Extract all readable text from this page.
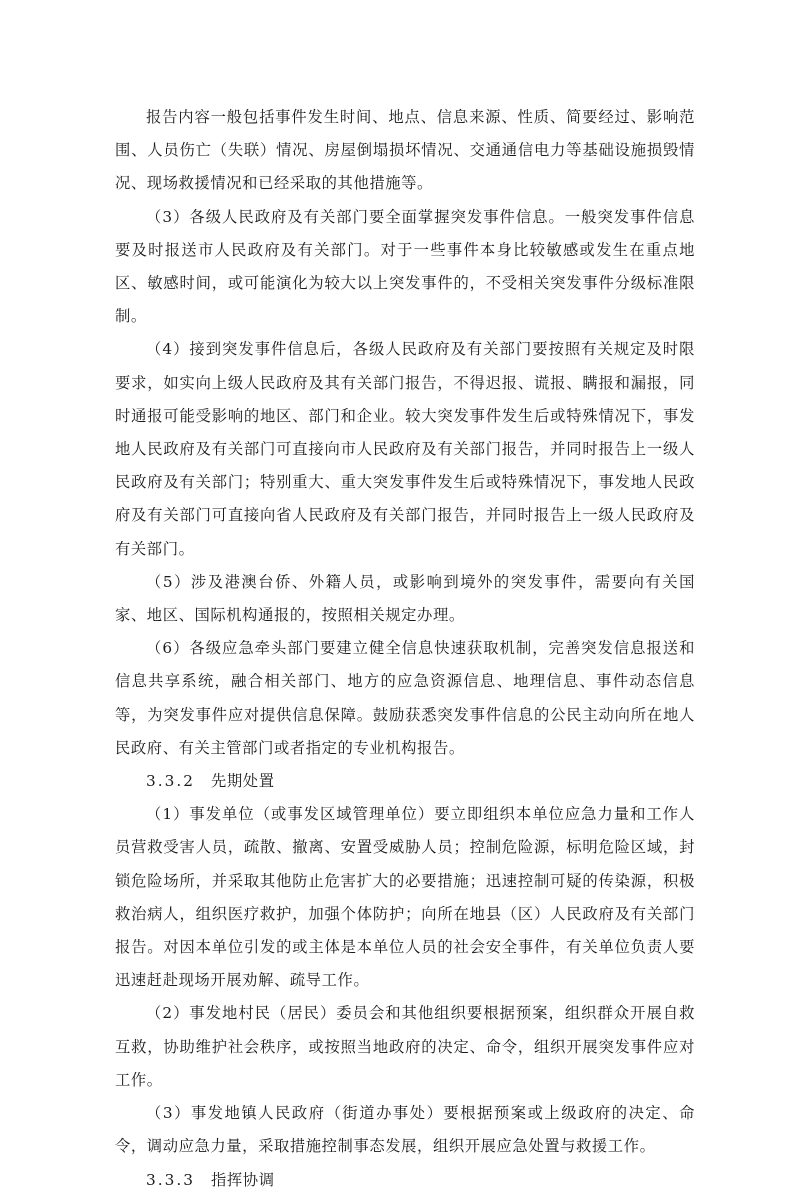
报告内容一般包括事件发生时间、地点、信息来源、性质、简要经过、影响范围、人员伤亡（失联）情况、房屋倒塌损坏情况、交通通信电力等基础设施损毁情况、现场救援情况和已经采取的其他措施等。

（3）各级人民政府及有关部门要全面掌握突发事件信息。一般突发事件信息要及时报送市人民政府及有关部门。对于一些事件本身比较敏感或发生在重点地区、敏感时间，或可能演化为较大以上突发事件的，不受相关突发事件分级标准限制。

（4）接到突发事件信息后，各级人民政府及有关部门要按照有关规定及时限要求，如实向上级人民政府及其有关部门报告，不得迟报、谎报、瞒报和漏报，同时通报可能受影响的地区、部门和企业。较大突发事件发生后或特殊情况下，事发地人民政府及有关部门可直接向市人民政府及有关部门报告，并同时报告上一级人民政府及有关部门；特别重大、重大突发事件发生后或特殊情况下，事发地人民政府及有关部门可直接向省人民政府及有关部门报告，并同时报告上一级人民政府及有关部门。

（5）涉及港澳台侨、外籍人员，或影响到境外的突发事件，需要向有关国家、地区、国际机构通报的，按照相关规定办理。

（6）各级应急牵头部门要建立健全信息快速获取机制，完善突发信息报送和信息共享系统，融合相关部门、地方的应急资源信息、地理信息、事件动态信息等，为突发事件应对提供信息保障。鼓励获悉突发事件信息的公民主动向所在地人民政府、有关主管部门或者指定的专业机构报告。

3.3.2 先期处置

（1）事发单位（或事发区域管理单位）要立即组织本单位应急力量和工作人员营救受害人员，疏散、撤离、安置受威胁人员；控制危险源，标明危险区域，封锁危险场所，并采取其他防止危害扩大的必要措施；迅速控制可疑的传染源，积极救治病人，组织医疗救护，加强个体防护；向所在地县（区）人民政府及有关部门报告。对因本单位引发的或主体是本单位人员的社会安全事件，有关单位负责人要迅速赶赴现场开展劝解、疏导工作。

（2）事发地村民（居民）委员会和其他组织要根据预案，组织群众开展自救互救，协助维护社会秩序，或按照当地政府的决定、命令，组织开展突发事件应对工作。

（3）事发地镇人民政府（街道办事处）要根据预案或上级政府的决定、命令，调动应急力量，采取措施控制事态发展，组织开展应急处置与救援工作。

3.3.3 指挥协调
